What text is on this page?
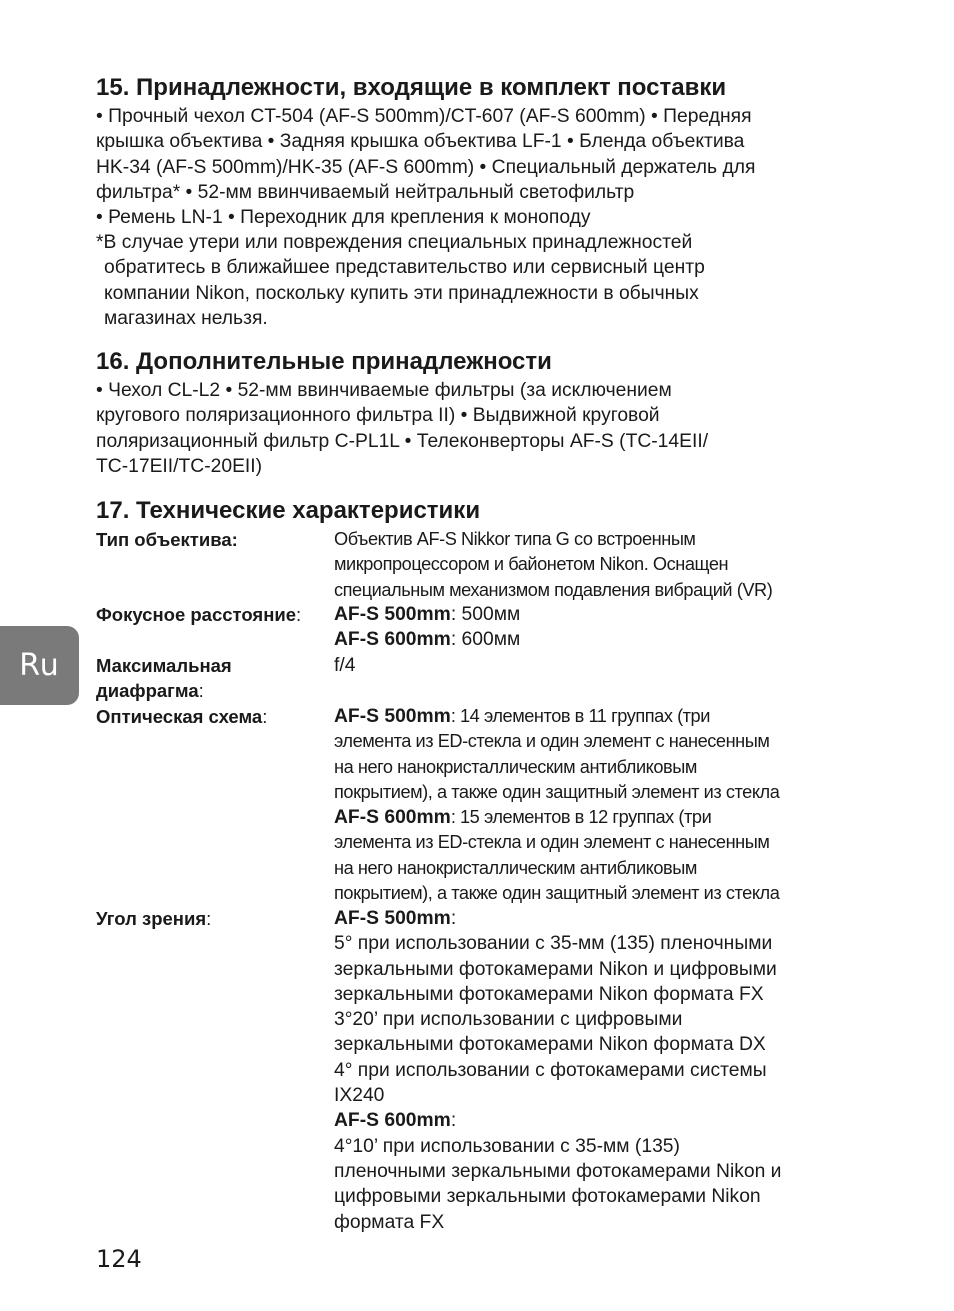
15. Принадлежности, входящие в комплект поставки
• Прочный чехол CT-504 (AF-S 500mm)/CT-607 (AF-S 600mm) • Передняя
крышка объектива • Задняя крышка объектива LF-1 • Бленда объектива
HK-34 (AF-S 500mm)/HK-35 (AF-S 600mm) • Специальный держатель для
фильтра* • 52-мм ввинчиваемый нейтральный светофильтр
• Ремень LN-1 • Переходник для крепления к моноподу
*В случае утери или повреждения специальных принадлежностей
обратитесь в ближайшее представительство или сервисный центр
компании Nikon, поскольку купить эти принадлежности в обычных
магазинах нельзя.
16. Дополнительные принадлежности
• Чехол CL-L2 • 52-мм ввинчиваемые фильтры (за исключением
кругового поляризационного фильтра II) • Выдвижной круговой
поляризационный фильтр C-PL1L • Телеконверторы AF-S (TC-14EII/
TC-17EII/TC-20EII)
17. Технические характеристики
Тип объектива:	Объектив AF-S Nikkor типа G со встроенным
микропроцессором и байонетом Nikon. Оснащен
специальным механизмом подавления вибраций (VR)
Фокусное расстояние:	AF-S 500mm: 500мм
AF-S 600mm: 600мм
Максимальная
диафрагма:
f/4
Оптическая схема:	AF-S 500mm: 14 элементов в 11 группах (три
элемента из ED-стекла и один элемент с нанесенным
на него нанокристаллическим антибликовым
покрытием), а также один защитный элемент из стекла
AF-S 600mm: 15 элементов в 12 группах (три
элемента из ED-стекла и один элемент с нанесенным
на него нанокристаллическим антибликовым
покрытием), а также один защитный элемент из стекла
Угол зрения:	AF-S 500mm:
5° при использовании с 35-мм (135) пленочными
зеркальными фотокамерами Nikon и цифровыми
зеркальными фотокамерами Nikon формата FX
3°20’ при использовании с цифровыми
зеркальными фотокамерами Nikon формата DX
4° при использовании с фотокамерами системы
IX240
AF-S 600mm:
4°10’ при использовании с 35-мм (135)
пленочными зеркальными фотокамерами Nikon и
цифровыми зеркальными фотокамерами Nikon
формата FX
Ru
124
